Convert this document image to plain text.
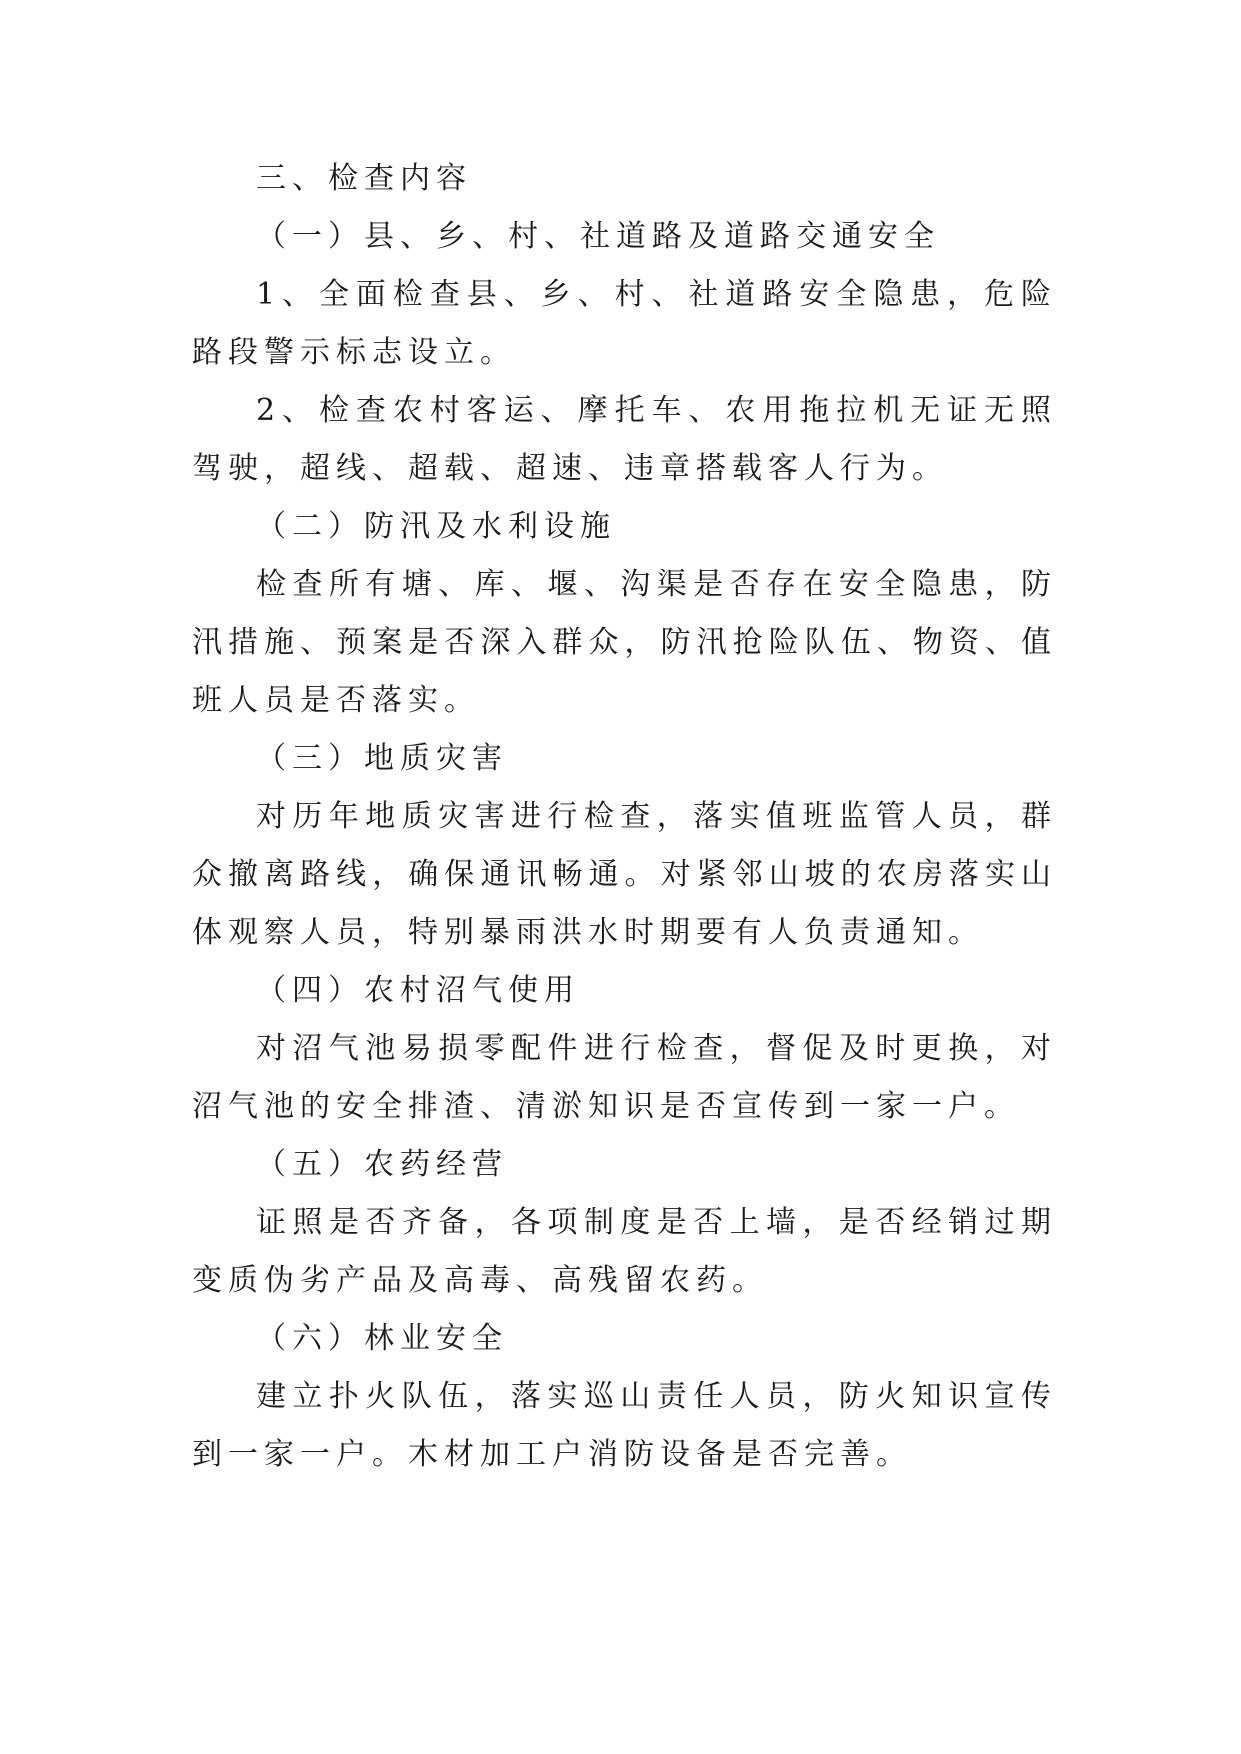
三、检查内容

（一）县、乡、村、社道路及道路交通安全

1、全面检查县、乡、村、社道路安全隐患，危险路段警示标志设立。

2、检查农村客运、摩托车、农用拖拉机无证无照驾驶，超线、超载、超速、违章搭载客人行为。

（二）防汛及水利设施

检查所有塘、库、堰、沟渠是否存在安全隐患，防汛措施、预案是否深入群众，防汛抢险队伍、物资、值班人员是否落实。

（三）地质灾害

对历年地质灾害进行检查，落实值班监管人员，群众撤离路线，确保通讯畅通。对紧邻山坡的农房落实山体观察人员，特别暴雨洪水时期要有人负责通知。

（四）农村沼气使用

对沼气池易损零配件进行检查，督促及时更换，对沼气池的安全排渣、清淤知识是否宣传到一家一户。

（五）农药经营

证照是否齐备，各项制度是否上墙，是否经销过期变质伪劣产品及高毒、高残留农药。

（六）林业安全

建立扑火队伍，落实巡山责任人员，防火知识宣传到一家一户。木材加工户消防设备是否完善。
